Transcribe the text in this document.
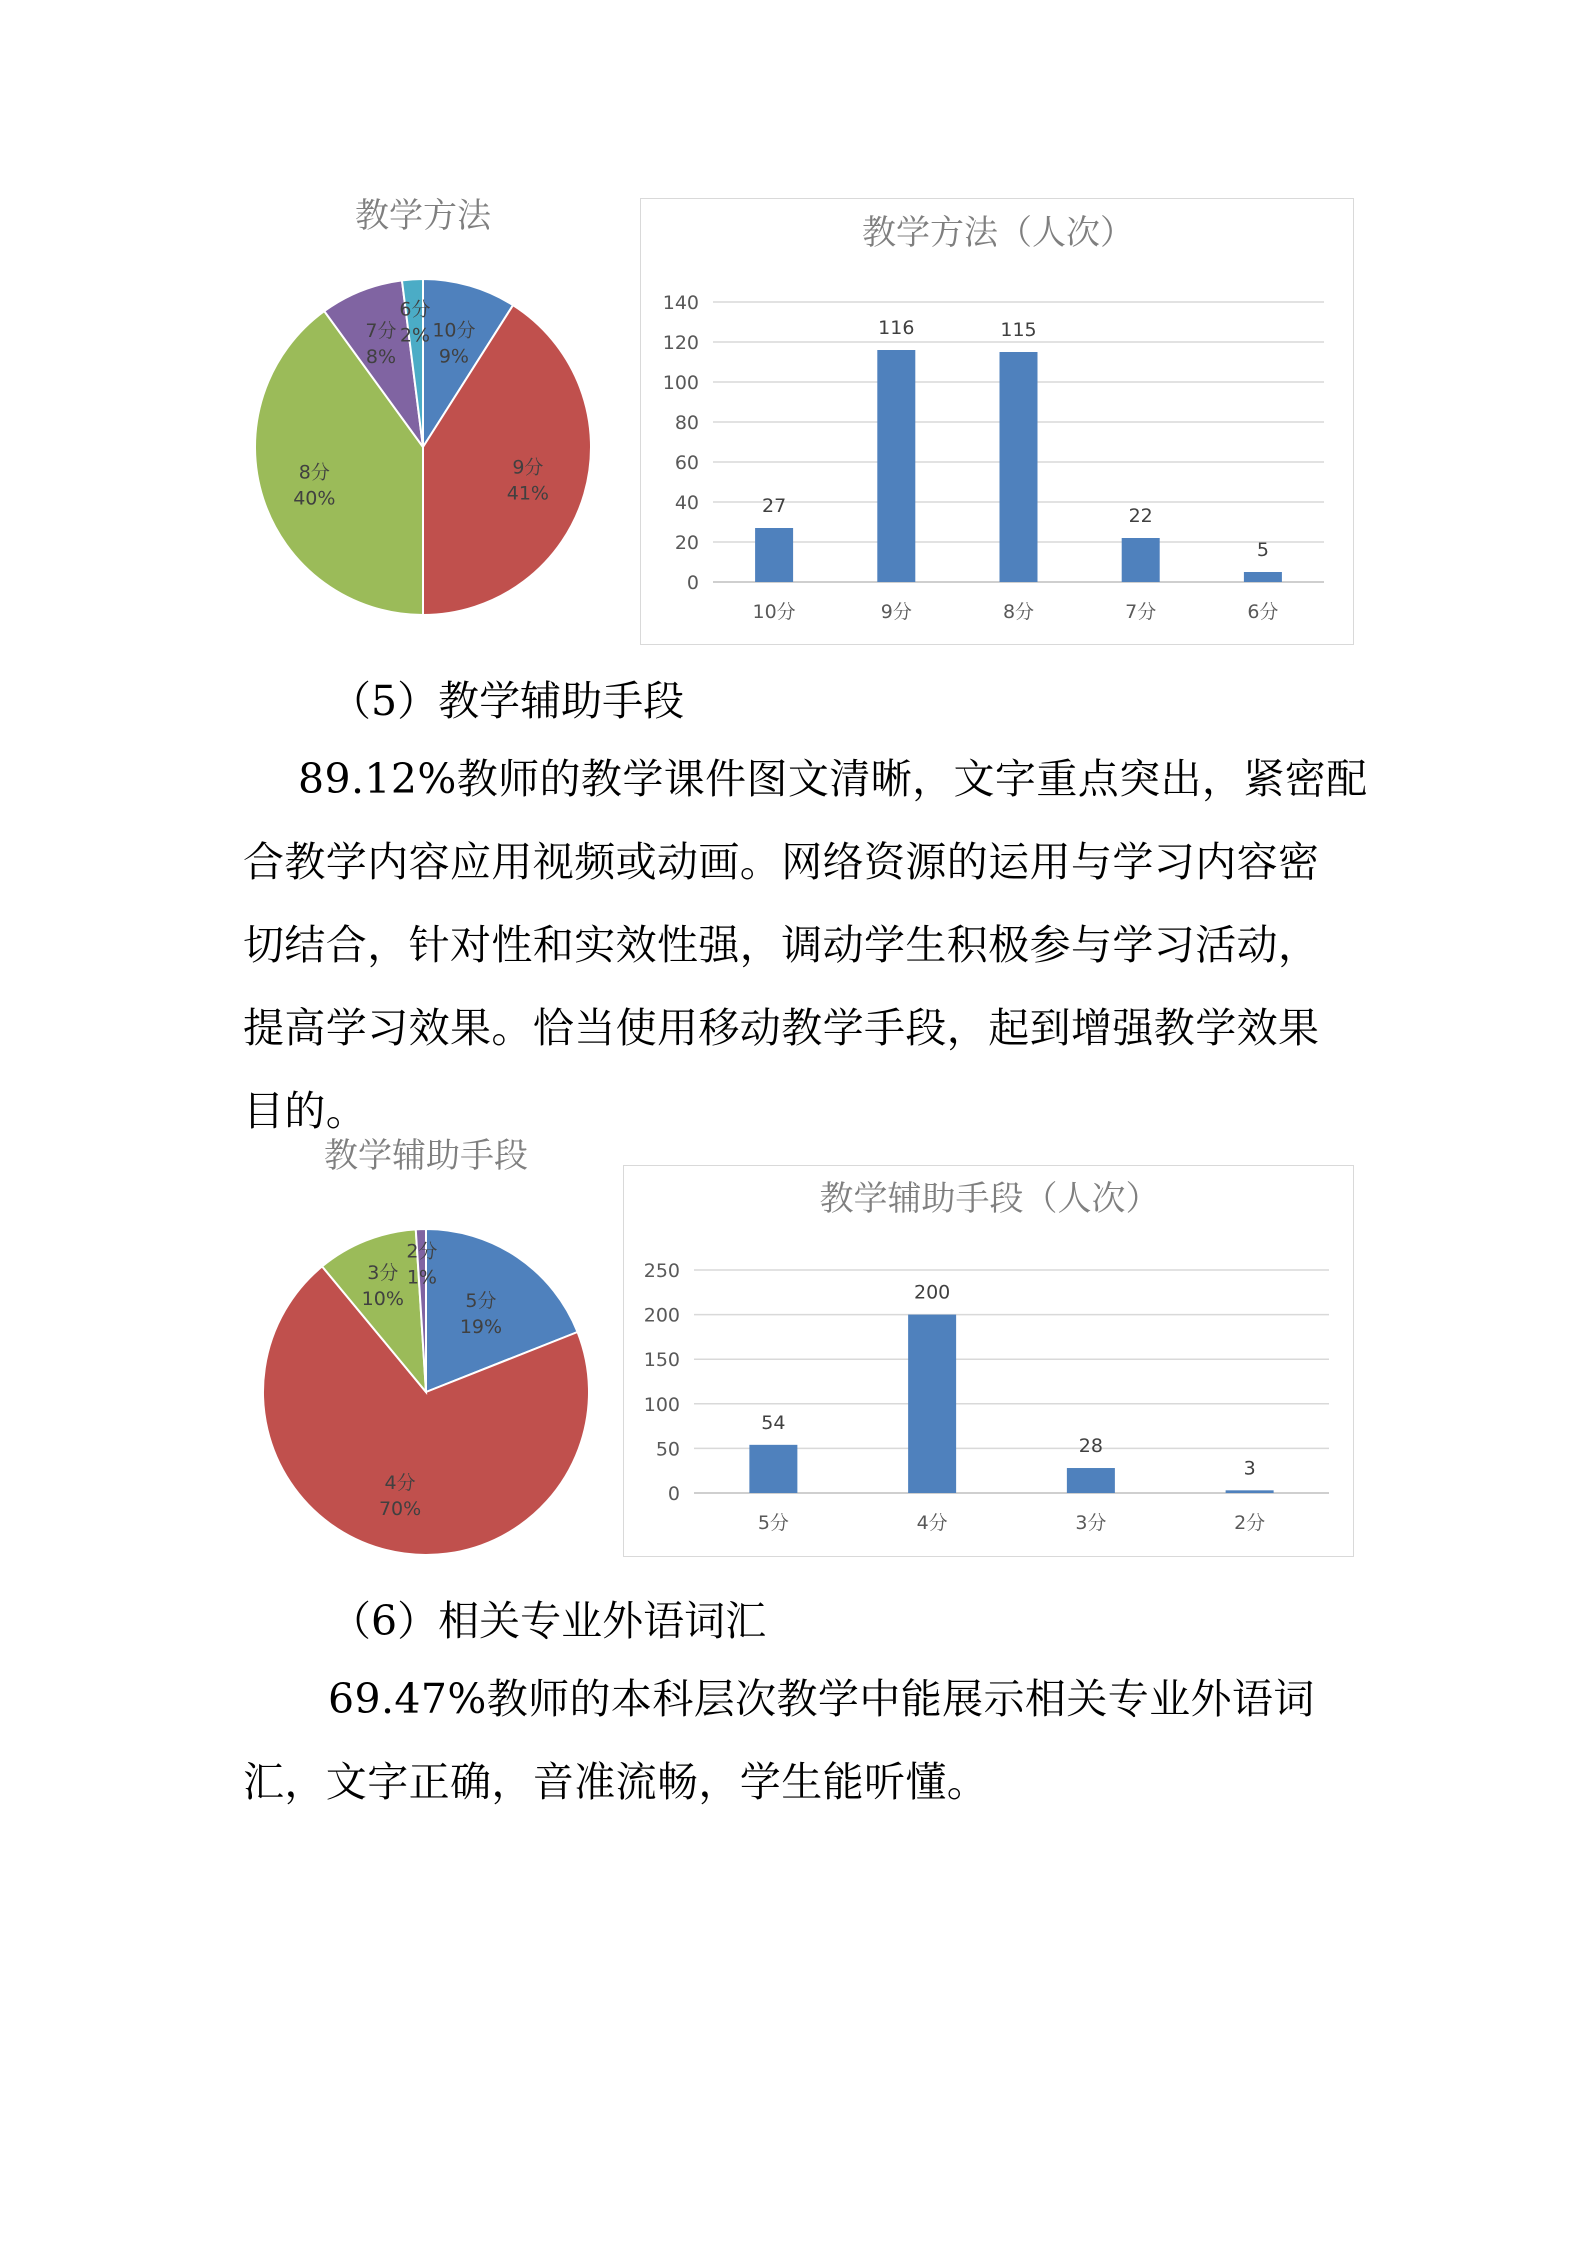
教学方法
10分
9%
9分
41%
8分
40%
7分
8%
6分
2%
教学方法（人次）
0
20
40
60
80
100
120
140
27
10分
116
9分
115
8分
22
7分
5
6分

（5）教学辅助手段

89.12%教师的教学课件图文清晰，文字重点突出，紧密配
合教学内容应用视频或动画。网络资源的运用与学习内容密
切结合，针对性和实效性强，调动学生积极参与学习活动，
提高学习效果。恰当使用移动教学手段，起到增强教学效果
目的。
教学辅助手段
5分
19%
4分
70%
3分
10%
2分
1%
教学辅助手段（人次）
0
50
100
150
200
250
54
5分
200
4分
28
3分
3
2分

（6）相关专业外语词汇

69.47%教师的本科层次教学中能展示相关专业外语词
汇，文字正确，音准流畅，学生能听懂。
